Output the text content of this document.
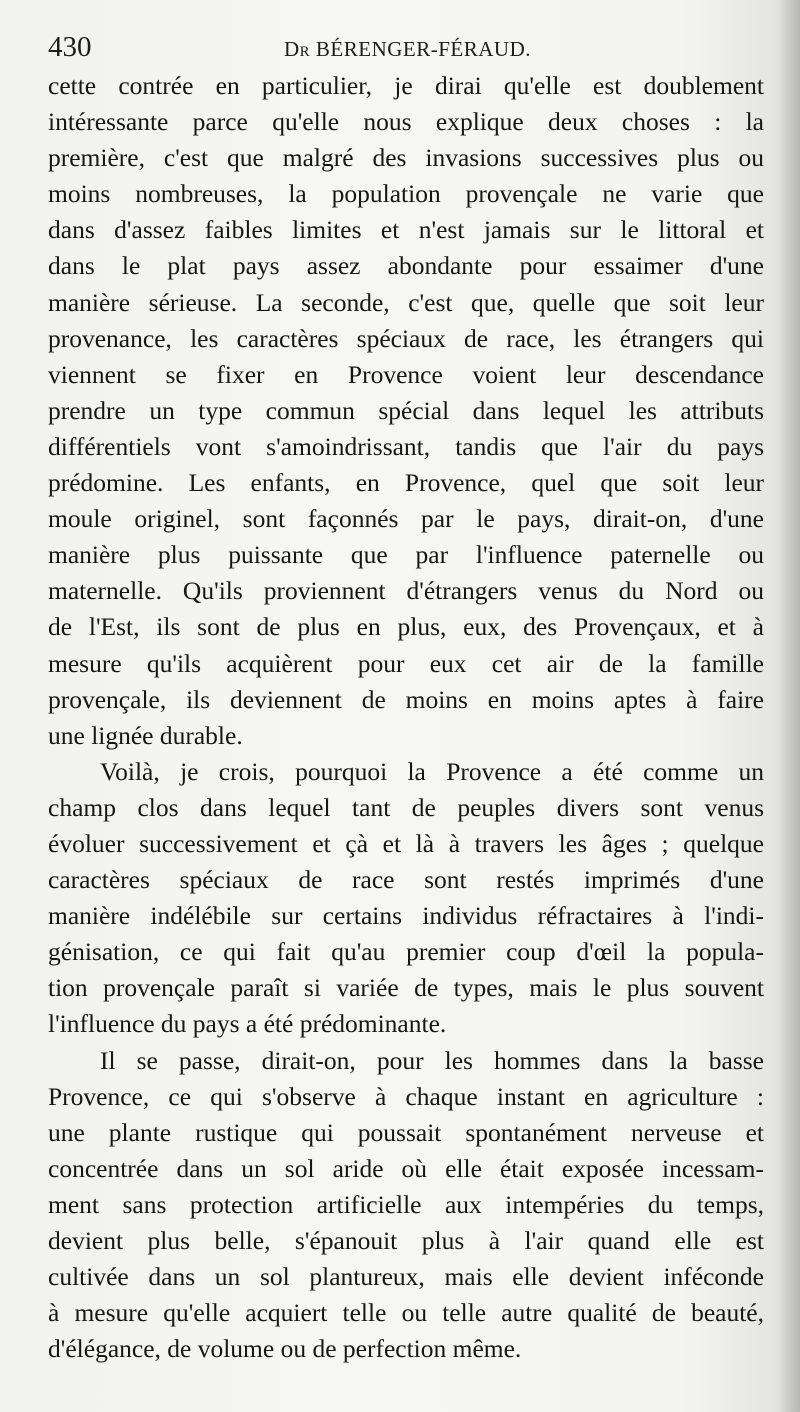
430	Dr BÉRENGER-FÉRAUD.
cette contrée en particulier, je dirai qu'elle est doublement
intéressante parce qu'elle nous explique deux choses : la
première, c'est que malgré des invasions successives plus ou
moins nombreuses, la population provençale ne varie que
dans d'assez faibles limites et n'est jamais sur le littoral et
dans le plat pays assez abondante pour essaimer d'une
manière sérieuse. La seconde, c'est que, quelle que soit leur
provenance, les caractères spéciaux de race, les étrangers qui
viennent se fixer en Provence voient leur descendance
prendre un type commun spécial dans lequel les attributs
différentiels vont s'amoindrissant, tandis que l'air du pays
prédomine. Les enfants, en Provence, quel que soit leur
moule originel, sont façonnés par le pays, dirait-on, d'une
manière plus puissante que par l'influence paternelle ou
maternelle. Qu'ils proviennent d'étrangers venus du Nord ou
de l'Est, ils sont de plus en plus, eux, des Provençaux, et à
mesure qu'ils acquièrent pour eux cet air de la famille
provençale, ils deviennent de moins en moins aptes à faire
une lignée durable.
Voilà, je crois, pourquoi la Provence a été comme un
champ clos dans lequel tant de peuples divers sont venus
évoluer successivement et çà et là à travers les âges ; quelque
caractères spéciaux de race sont restés imprimés d'une
manière indélébile sur certains individus réfractaires à l'indi-
génisation, ce qui fait qu'au premier coup d'œil la popula-
tion provençale paraît si variée de types, mais le plus souvent
l'influence du pays a été prédominante.
Il se passe, dirait-on, pour les hommes dans la basse
Provence, ce qui s'observe à chaque instant en agriculture :
une plante rustique qui poussait spontanément nerveuse et
concentrée dans un sol aride où elle était exposée incessam-
ment sans protection artificielle aux intempéries du temps,
devient plus belle, s'épanouit plus à l'air quand elle est
cultivée dans un sol plantureux, mais elle devient inféconde
à mesure qu'elle acquiert telle ou telle autre qualité de beauté,
d'élégance, de volume ou de perfection même.
